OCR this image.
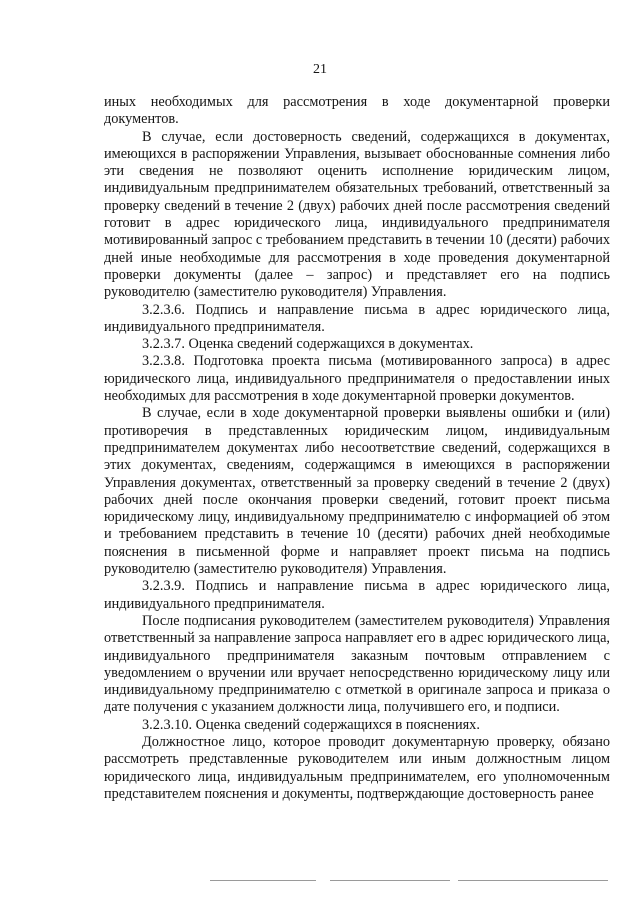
21

иных необходимых для рассмотрения в ходе документарной проверки документов.

В случае, если достоверность сведений, содержащихся в документах, имеющихся в распоряжении Управления, вызывает обоснованные сомнения либо эти сведения не позволяют оценить исполнение юридическим лицом, индивидуальным предпринимателем обязательных требований, ответственный за проверку сведений в течение 2 (двух) рабочих дней после рассмотрения сведений готовит в адрес юридического лица, индивидуального предпринимателя мотивированный запрос с требованием представить в течении 10 (десяти) рабочих дней иные необходимые для рассмотрения в ходе проведения документарной проверки документы (далее – запрос) и представляет его на подпись руководителю (заместителю руководителя) Управления.

3.2.3.6. Подпись и направление письма в адрес юридического лица, индивидуального предпринимателя.

3.2.3.7. Оценка сведений содержащихся в документах.

3.2.3.8. Подготовка проекта письма (мотивированного запроса) в адрес юридического лица, индивидуального предпринимателя о предоставлении иных необходимых для рассмотрения в ходе документарной проверки документов.

В случае, если в ходе документарной проверки выявлены ошибки и (или) противоречия в представленных юридическим лицом, индивидуальным предпринимателем документах либо несоответствие сведений, содержащихся в этих документах, сведениям, содержащимся в имеющихся в распоряжении Управления документах, ответственный за проверку сведений в течение 2 (двух) рабочих дней после окончания проверки сведений, готовит проект письма юридическому лицу, индивидуальному предпринимателю с информацией об этом и требованием представить в течение 10 (десяти) рабочих дней необходимые пояснения в письменной форме и направляет проект письма на подпись руководителю (заместителю руководителя) Управления.

3.2.3.9. Подпись и направление письма в адрес юридического лица, индивидуального предпринимателя.

После подписания руководителем (заместителем руководителя) Управления ответственный за направление запроса направляет его в адрес юридического лица, индивидуального предпринимателя заказным почтовым отправлением с уведомлением о вручении или вручает непосредственно юридическому лицу или индивидуальному предпринимателю с отметкой в оригинале запроса и приказа о дате получения с указанием должности лица, получившего его, и подписи.

3.2.3.10. Оценка сведений содержащихся в пояснениях.

Должностное лицо, которое проводит документарную проверку, обязано рассмотреть представленные руководителем или иным должностным лицом юридического лица, индивидуальным предпринимателем, его уполномоченным представителем пояснения и документы, подтверждающие достоверность ранее
